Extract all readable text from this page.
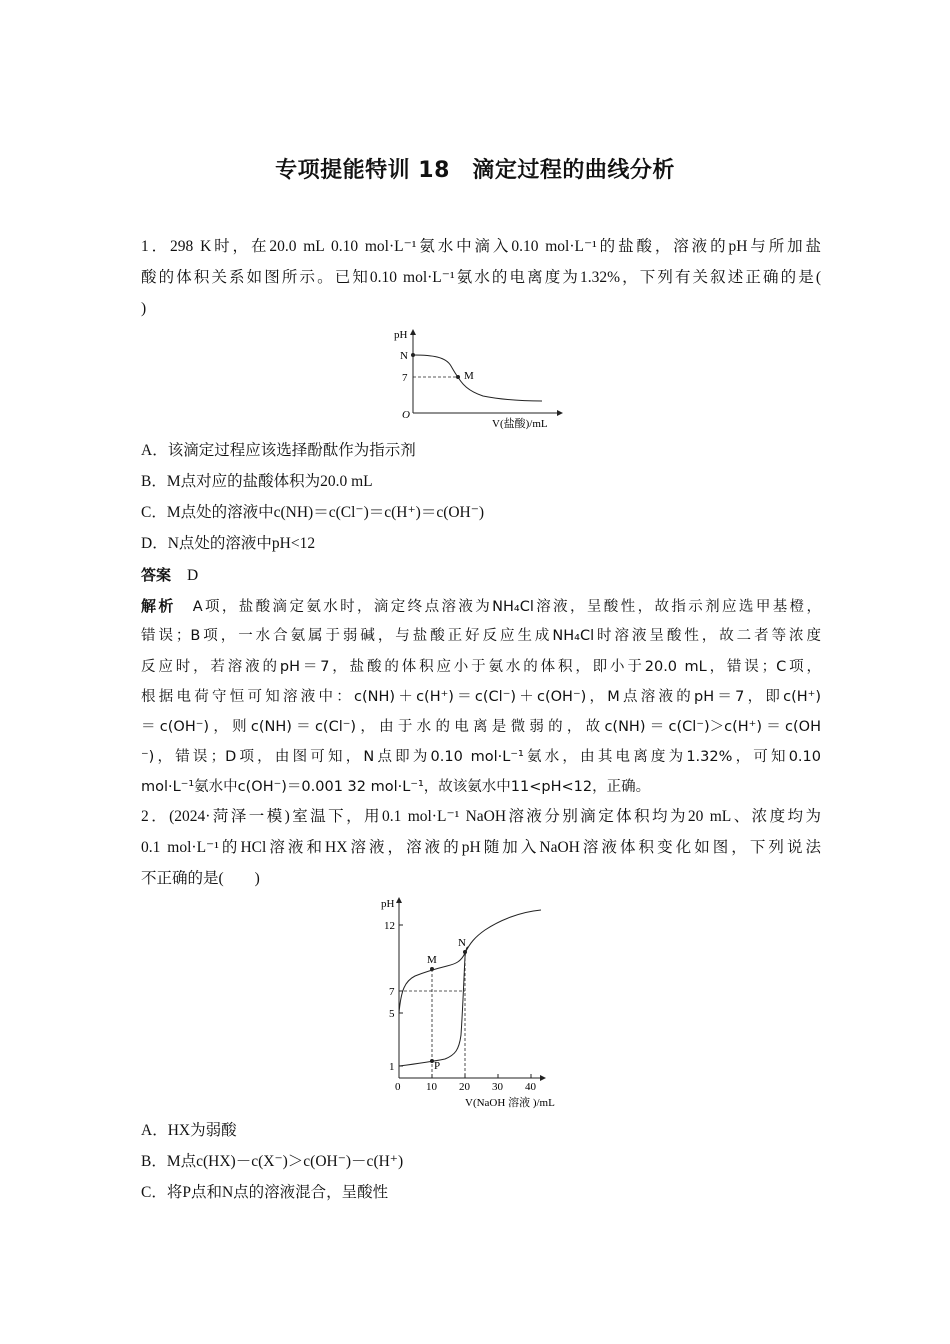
专项提能特训 18　滴定过程的曲线分析
1．298 K时，在20.0 mL 0.10 mol·L⁻¹氨水中滴入0.10 mol·L⁻¹的盐酸，溶液的pH与所加盐
酸的体积关系如图所示。已知0.10 mol·L⁻¹氨水的电离度为1.32%，下列有关叙述正确的是(
)
pH
N
7	M
O
V(盐酸)/mL
A．该滴定过程应该选择酚酞作为指示剂
B．M点对应的盐酸体积为20.0 mL
C．M点处的溶液中c(NH)＝c(Cl⁻)＝c(H⁺)＝c(OH⁻)
D．N点处的溶液中pH<12
答案 D
解析　 A项，盐酸滴定氨水时，滴定终点溶液为NH₄Cl溶液，呈酸性，故指示剂应选甲基橙，
错误；B项，一水合氨属于弱碱，与盐酸正好反应生成NH₄Cl时溶液呈酸性，故二者等浓度
反应时，若溶液的pH＝7，盐酸的体积应小于氨水的体积，即小于20.0 mL，错误；C项，
根据电荷守恒可知溶液中：c(NH)＋c(H⁺)＝c(Cl⁻)＋c(OH⁻)，M点溶液的pH＝7，即c(H⁺)
＝c(OH⁻)，则c(NH)＝c(Cl⁻)，由于水的电离是微弱的，故c(NH)＝c(Cl⁻)＞c(H⁺)＝c(OH
⁻)，错误；D项，由图可知，N点即为0.10 mol·L⁻¹氨水，由其电离度为1.32%，可知0.10
mol·L⁻¹氨水中c(OH⁻)＝0.001 32 mol·L⁻¹，故该氨水中11<pH<12，正确。
2．(2024·菏泽一模)室温下，用0.1 mol·L⁻¹ NaOH溶液分别滴定体积均为20 mL、浓度均为
0.1 mol·L⁻¹的HCl溶液和HX溶液，溶液的pH随加入NaOH溶液体积变化如图，下列说法
不正确的是(　　)
pH
12
7
5
1
0 10 20 30 40
M
N
P
V(NaOH 溶液 )/mL
A．HX为弱酸
B．M点c(HX)－c(X⁻)＞c(OH⁻)－c(H⁺)
C．将P点和N点的溶液混合，呈酸性
